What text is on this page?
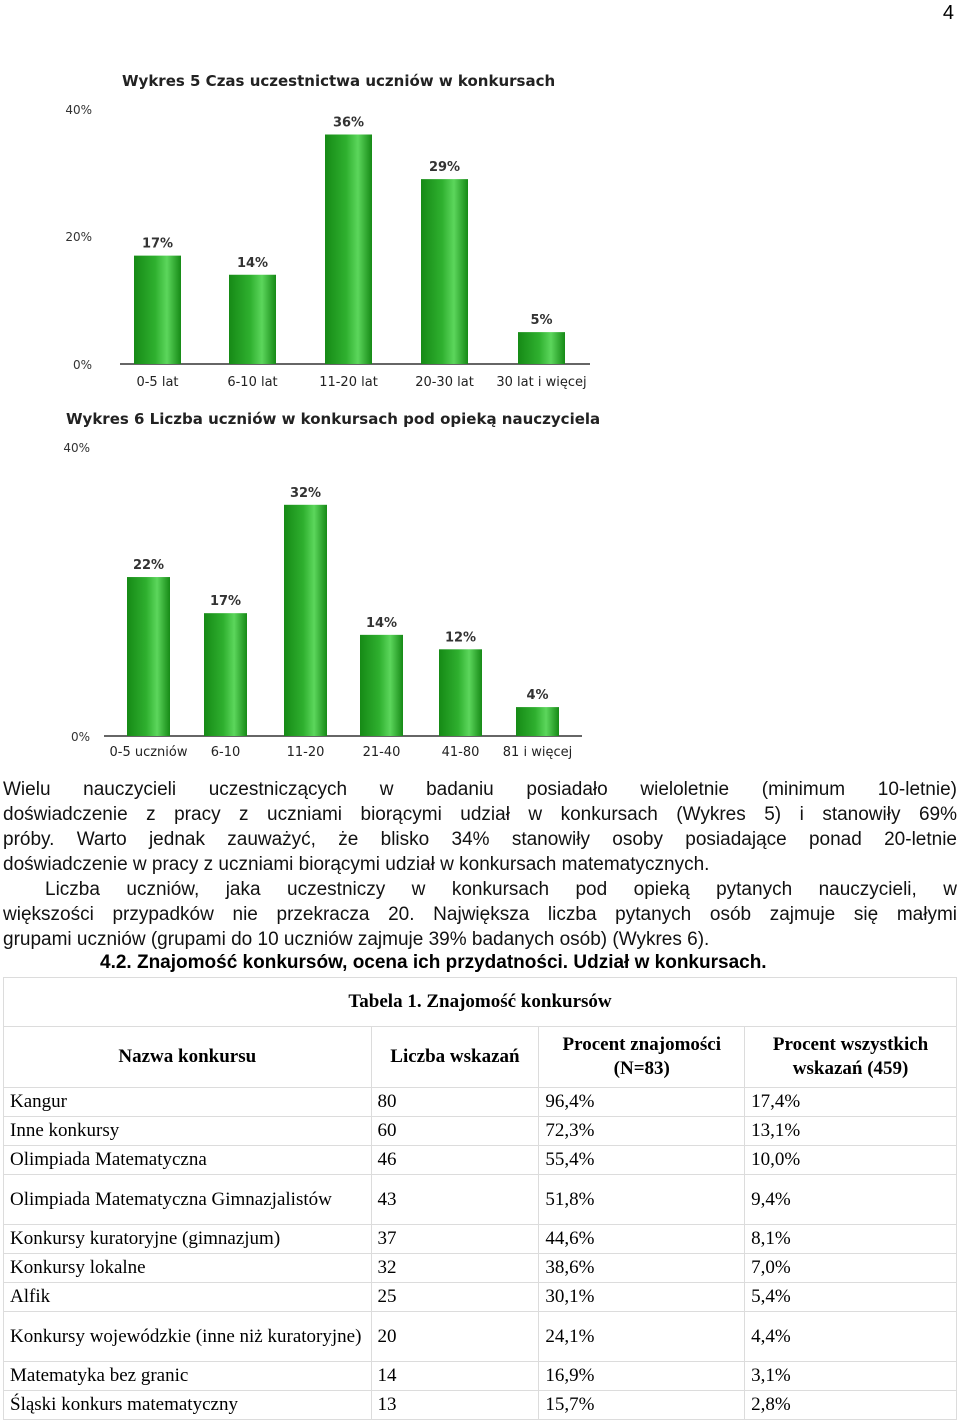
4
Wykres 5 Czas uczestnictwa uczniów w konkursach
0%
20%
40%
17%
0-5 lat
14%
6-10 lat
36%
11-20 lat
29%
20-30 lat
5%
30 lat i więcej
Wykres 6 Liczba uczniów w konkursach pod opieką nauczyciela
0%
40%
22%
0-5 uczniów
17%
6-10
32%
11-20
14%
21-40
12%
41-80
4%
81 i więcej
Wielu nauczycieli uczestniczących w badaniu posiadało wieloletnie (minimum 10-letnie)
doświadczenie z pracy z uczniami biorącymi udział w konkursach (Wykres 5) i stanowiły 69%
próby. Warto jednak zauważyć, że blisko 34% stanowiły osoby posiadające ponad 20-letnie
doświadczenie w pracy z uczniami biorącymi udział w konkursach matematycznych.
Liczba uczniów, jaka uczestniczy w konkursach pod opieką pytanych nauczycieli, w
większości przypadków nie przekracza 20. Największa liczba pytanych osób zajmuje się małymi
grupami uczniów (grupami do 10 uczniów zajmuje 39% badanych osób) (Wykres 6).
4.2. Znajomość konkursów, ocena ich przydatności. Udział w konkursach.
Tabela 1. Znajomość konkursów			
Nazwa konkursu	Liczba wskazań	Procent znajomości (N=83)	Procent wszystkich wskazań (459)
Kangur	80	96,4%	17,4%
Inne konkursy	60	72,3%	13,1%
Olimpiada Matematyczna	46	55,4%	10,0%
Olimpiada Matematyczna Gimnazjalistów	43	51,8%	9,4%
Konkursy kuratoryjne (gimnazjum)	37	44,6%	8,1%
Konkursy lokalne	32	38,6%	7,0%
Alfik	25	30,1%	5,4%
Konkursy wojewódzkie (inne niż kuratoryjne)	20	24,1%	4,4%
Matematyka bez granic	14	16,9%	3,1%
Śląski konkurs matematyczny	13	15,7%	2,8%
